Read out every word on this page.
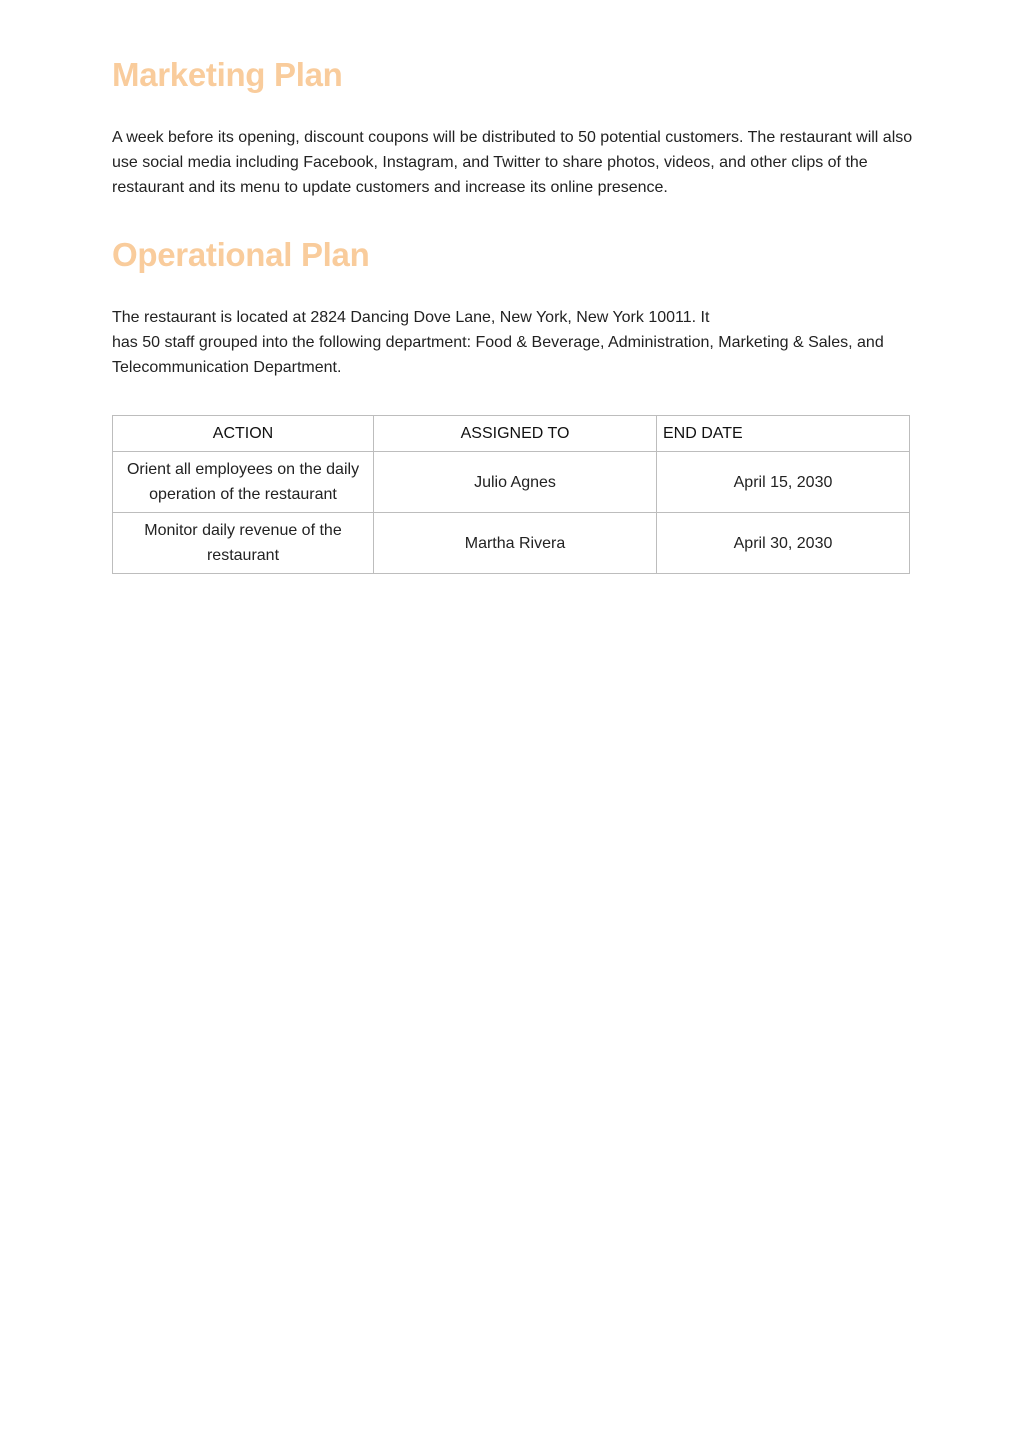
Marketing Plan

A week before its opening, discount coupons will be distributed to 50 potential customers. The restaurant will also
use social media including Facebook, Instagram, and Twitter to share photos, videos, and other clips of the
restaurant and its menu to update customers and increase its online presence.

Operational Plan

The restaurant is located at 2824 Dancing Dove Lane, New York, New York 10011. It
has 50 staff grouped into the following department: Food & Beverage, Administration, Marketing & Sales, and
Telecommunication Department.

ACTION	ASSIGNED TO	END DATE

Orient all employees on the daily
operation of the restaurant	Julio Agnes	April 15, 2030

Monitor daily revenue of the
restaurant	Martha Rivera	April 30, 2030
